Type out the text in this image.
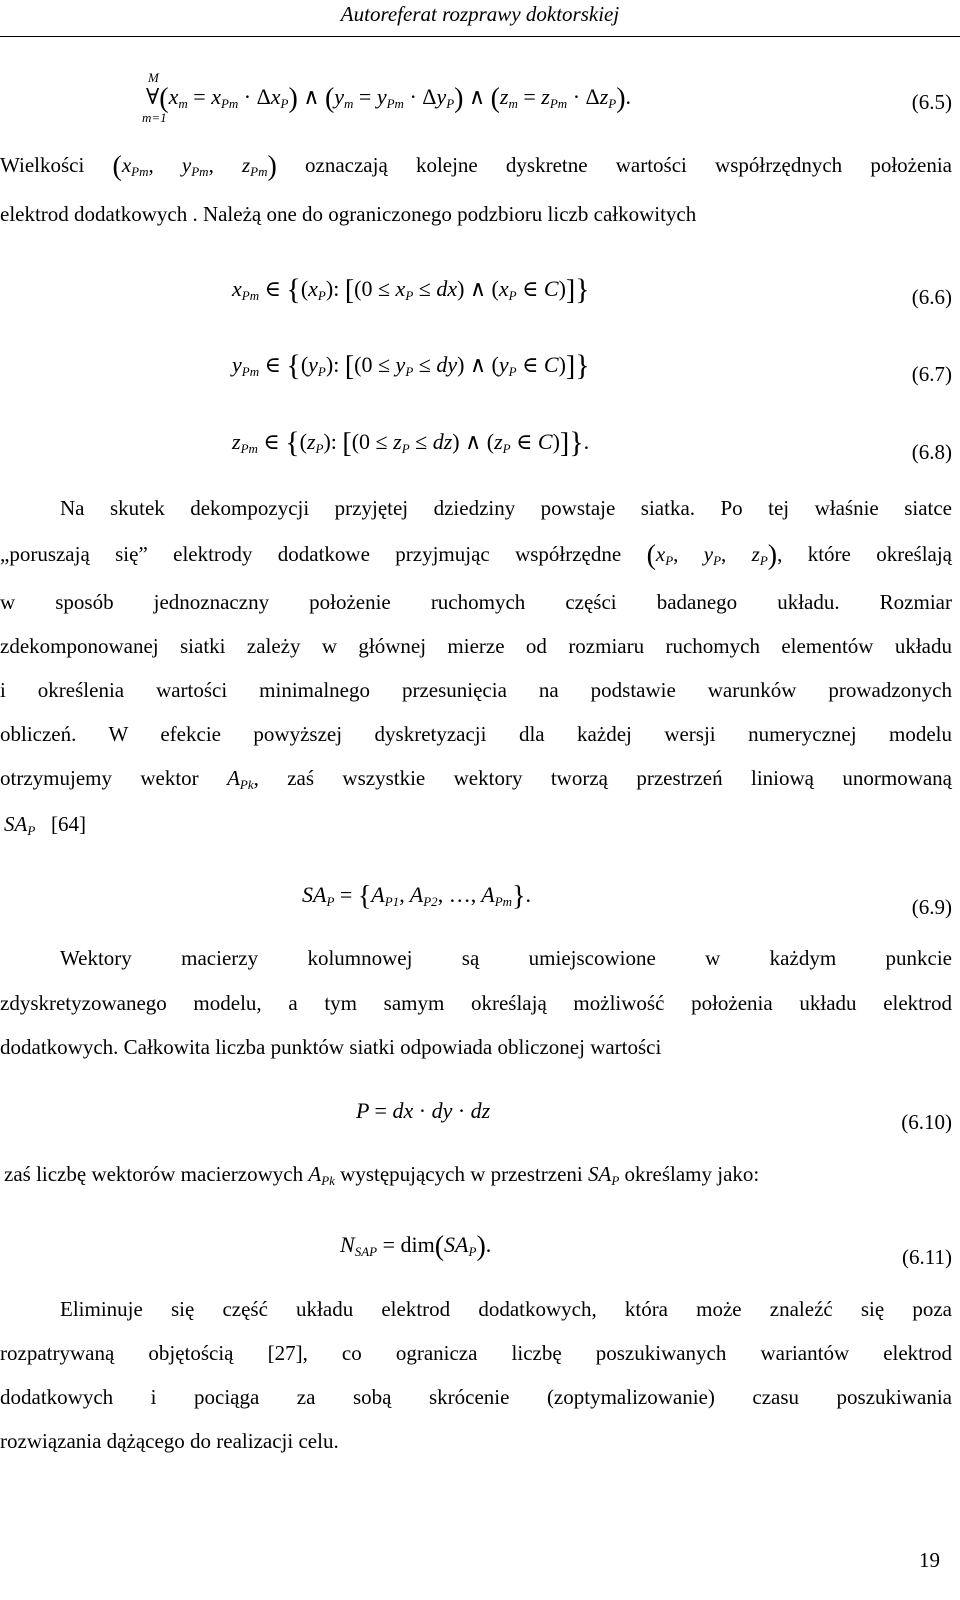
Autoreferat rozprawy doktorskiej
M
m=1
$\forall(x_m = x_{Pm} \cdot \Delta x_P)$ ∧ $(y_m = y_{Pm} \cdot \Delta y_P)$ ∧ $(z_m = z_{Pm} \cdot \Delta z_P)$.	(6.5)
Wielkości ($x_{Pm}$, $y_{Pm}$, $z_{Pm}$) oznaczają kolejne dyskretne wartości współrzędnych położenia
elektrod dodatkowych . Należą one do ograniczonego podzbioru liczb całkowitych
$x_{Pm}$ ∈ {$(x_P)$: [$(0 \le x_P \le dx)$ ∧ ($x_P$ ∈ C)]}	(6.6)
$y_{Pm}$ ∈ {$(y_P)$: [$(0 \le y_P \le dy)$ ∧ ($y_P$ ∈ C)]}	(6.7)
$z_{Pm}$ ∈ {$(z_P)$: [$(0 \le z_P \le dz)$ ∧ ($z_P$ ∈ C)]}.	(6.8)
Na skutek dekompozycji przyjętej dziedziny powstaje siatka. Po tej właśnie siatce
„poruszają się” elektrody dodatkowe przyjmując współrzędne ($x_P$, $y_P$, $z_P$), które określają
w sposób jednoznaczny położenie ruchomych części badanego układu. Rozmiar
zdekomponowanej siatki zależy w głównej mierze od rozmiaru ruchomych elementów układu
i określenia wartości minimalnego przesunięcia na podstawie warunków prowadzonych
obliczeń. W efekcie powyższej dyskretyzacji dla każdej wersji numerycznej modelu
otrzymujemy wektor $A_{Pk}$, zaś wszystkie wektory tworzą przestrzeń liniową unormowaną
$SA_P$ [64]
$SA_P = \{A_{P1}$, $A_{P2}$, …, $A_{Pm}$}.	(6.9)
Wektory macierzy kolumnowej są umiejscowione w każdym punkcie
zdyskretyzowanego modelu, a tym samym określają możliwość położenia układu elektrod
dodatkowych. Całkowita liczba punktów siatki odpowiada obliczonej wartości
P = dx · dy · dz	(6.10)
zaś liczbę wektorów macierzowych $A_{Pk}$ występujących w przestrzeni $SA_P$ określamy jako:
$N_{SAP} = dim(SA_P)$.	(6.11)
Eliminuje się część układu elektrod dodatkowych, która może znaleźć się poza
rozpatrywaną objętością [27], co ogranicza liczbę poszukiwanych wariantów elektrod
dodatkowych i pociąga za sobą skrócenie (zoptymalizowanie) czasu poszukiwania
rozwiązania dążącego do realizacji celu.
19
